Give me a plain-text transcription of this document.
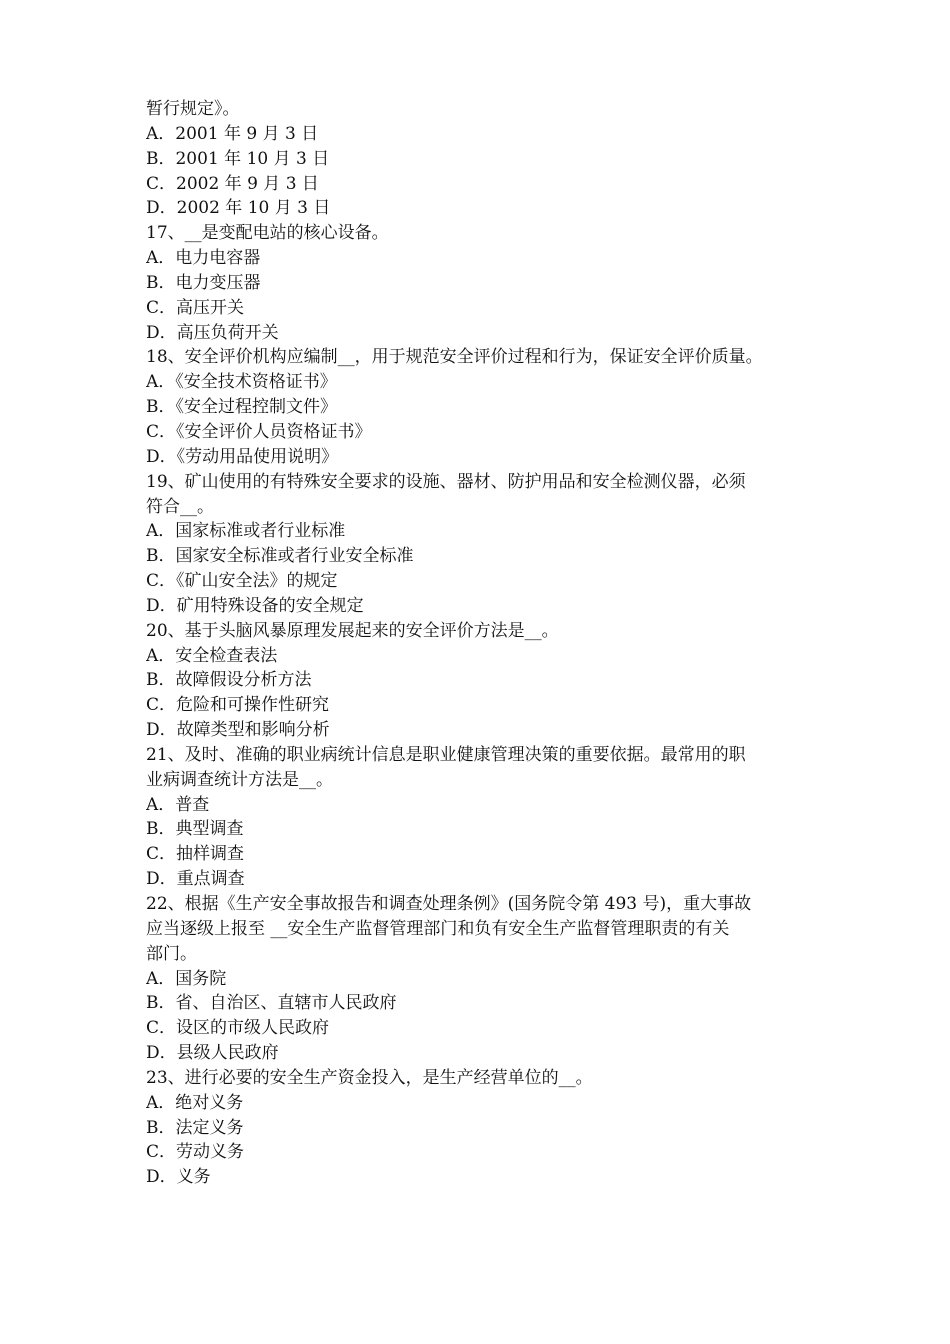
暂行规定》。
A．2001 年 9 月 3 日
B．2001 年 10 月 3 日
C．2002 年 9 月 3 日
D．2002 年 10 月 3 日
17、__是变配电站的核心设备。
A．电力电容器
B．电力变压器
C．高压开关
D．高压负荷开关
18、安全评价机构应编制__，用于规范安全评价过程和行为，保证安全评价质量。
A．《安全技术资格证书》
B．《安全过程控制文件》
C．《安全评价人员资格证书》
D．《劳动用品使用说明》
19、矿山使用的有特殊安全要求的设施、器材、防护用品和安全检测仪器，必须
符合__。
A．国家标准或者行业标准
B．国家安全标准或者行业安全标准
C．《矿山安全法》的规定
D．矿用特殊设备的安全规定
20、基于头脑风暴原理发展起来的安全评价方法是__。
A．安全检查表法
B．故障假设分析方法
C．危险和可操作性研究
D．故障类型和影响分析
21、及时、准确的职业病统计信息是职业健康管理决策的重要依据。最常用的职
业病调查统计方法是__。
A．普查
B．典型调查
C．抽样调查
D．重点调查
22、根据《生产安全事故报告和调查处理条例》(国务院令第 493 号)，重大事故
应当逐级上报至 __安全生产监督管理部门和负有安全生产监督管理职责的有关
部门。
A．国务院
B．省、自治区、直辖市人民政府
C．设区的市级人民政府
D．县级人民政府
23、进行必要的安全生产资金投入，是生产经营单位的__。
A．绝对义务
B．法定义务
C．劳动义务
D．义务
